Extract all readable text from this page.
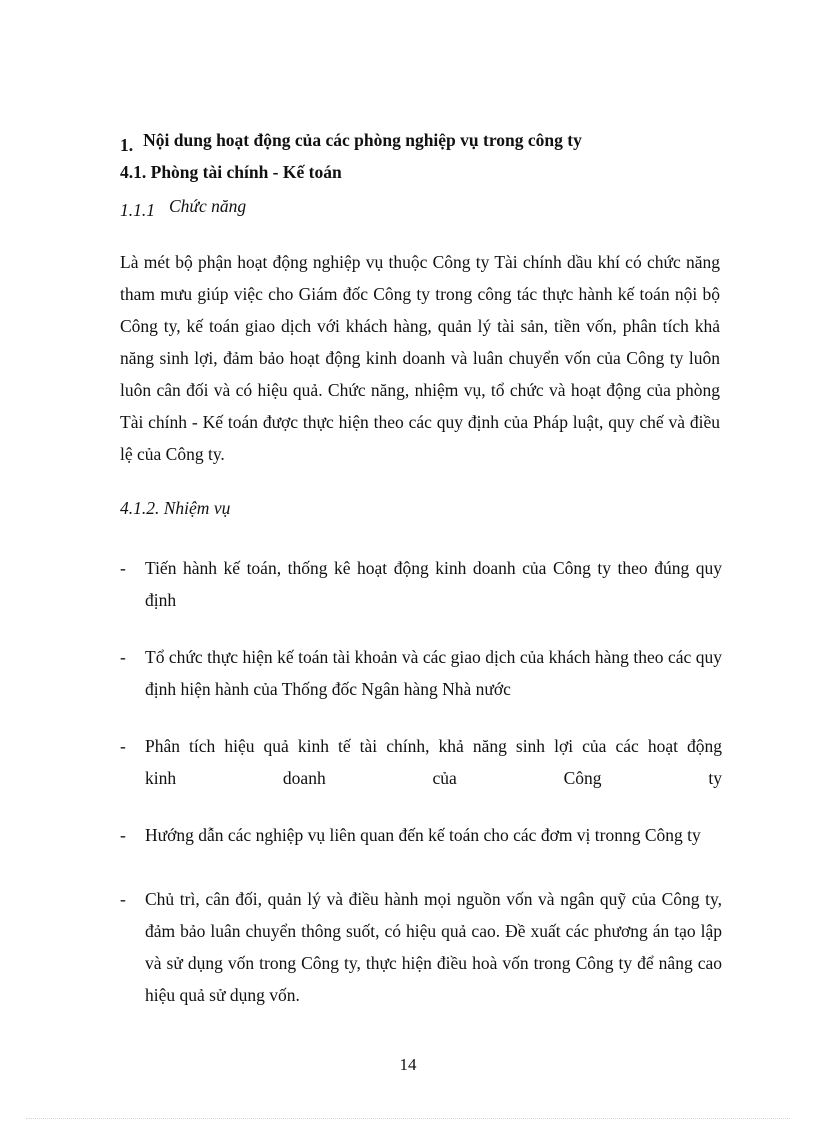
1. Nội dung hoạt động của các phòng nghiệp vụ trong công ty
4.1. Phòng tài chính - Kế toán
1.1.1 Chức năng

Là mét bộ phận hoạt động nghiệp vụ thuộc Công ty Tài chính dầu khí có chức năng tham mưu giúp việc cho Giám đốc Công ty trong công tác thực hành kế toán nội bộ Công ty, kế toán giao dịch với khách hàng, quản lý tài sản, tiền vốn, phân tích khả năng sinh lợi, đảm bảo hoạt động kinh doanh và luân chuyển vốn của Công ty luôn luôn cân đối và có hiệu quả. Chức năng, nhiệm vụ, tổ chức và hoạt động của phòng Tài chính - Kế toán được thực hiện theo các quy định của Pháp luật, quy chế và điều lệ của Công ty.

4.1.2. Nhiệm vụ
- Tiến hành kế toán, thống kê hoạt động kinh doanh của Công ty theo đúng quy định
- Tổ chức thực hiện kế toán tài khoản và các giao dịch của khách hàng theo các quy định hiện hành của Thống đốc Ngân hàng Nhà nước
- Phân tích hiệu quả kinh tế tài chính, khả năng sinh lợi của các hoạt động
kinh doanh của Công ty
- Hướng dẫn các nghiệp vụ liên quan đến kế toán cho các đơm vị tronng Công ty
- Chủ trì, cân đối, quản lý và điều hành mọi nguồn vốn và ngân quỹ của Công ty, đảm bảo luân chuyển thông suốt, có hiệu quả cao. Đề xuất các phương án tạo lập và sử dụng vốn trong Công ty, thực hiện điều hoà vốn trong Công ty để nâng cao hiệu quả sử dụng vốn.
14
